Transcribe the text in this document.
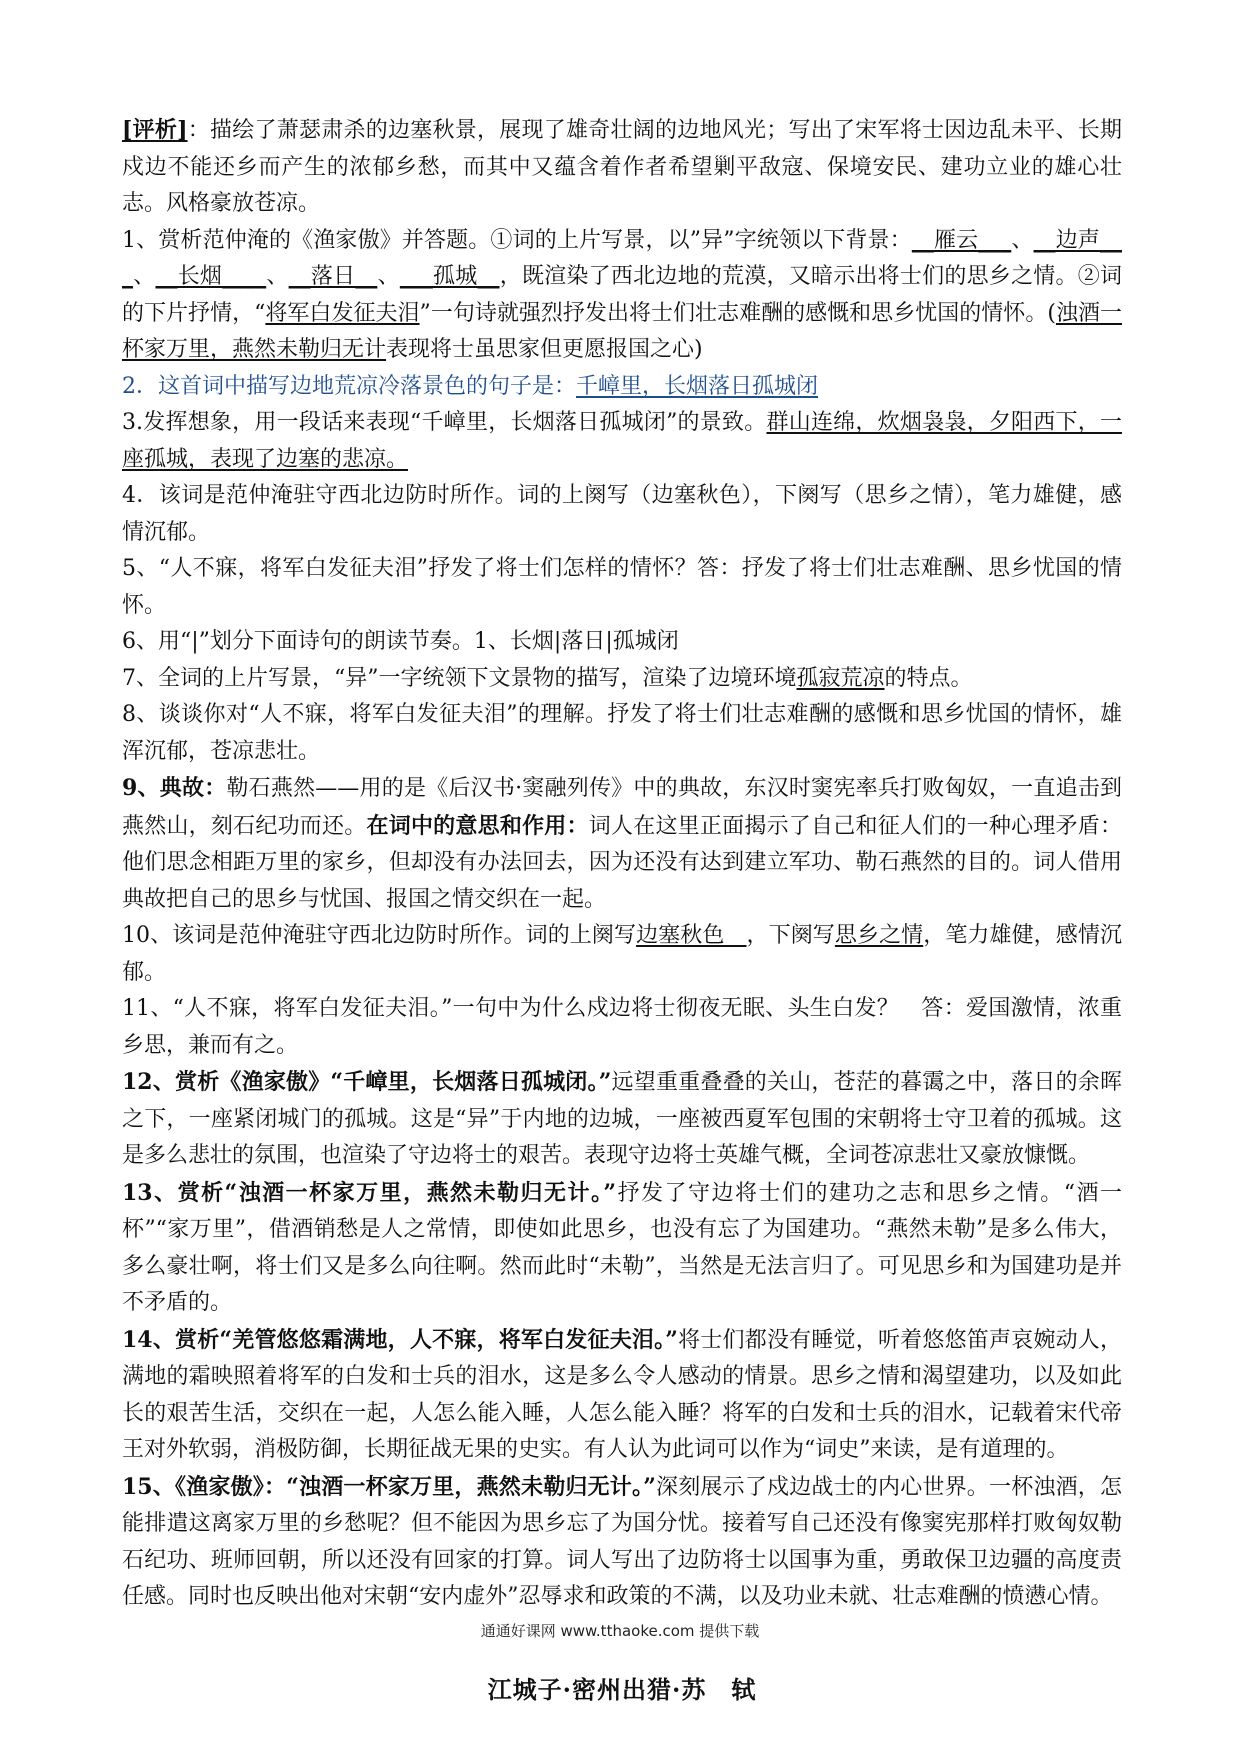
[评析]：描绘了萧瑟肃杀的边塞秋景，展现了雄奇壮阔的边地风光；写出了宋军将士因边乱未平、长期戍边不能还乡而产生的浓郁乡愁，而其中又蕴含着作者希望剿平敌寇、保境安民、建功立业的雄心壮志。风格豪放苍凉。

1、赏析范仲淹的《渔家傲》并答题。①词的上片写景，以”异”字统领以下背景：__雁云___、__边声___、__长烟____、__落日__、___孤城__，既渲染了西北边地的荒漠，又暗示出将士们的思乡之情。②词的下片抒情，“将军白发征夫泪”一句诗就强烈抒发出将士们壮志难酬的感慨和思乡忧国的情怀。(浊酒一杯家万里，燕然未勒归无计表现将士虽思家但更愿报国之心)

2．这首词中描写边地荒凉冷落景色的句子是：千嶂里，长烟落日孤城闭

3.发挥想象，用一段话来表现“千嶂里，长烟落日孤城闭”的景致。群山连绵，炊烟袅袅，夕阳西下，一座孤城，表现了边塞的悲凉。

4．该词是范仲淹驻守西北边防时所作。词的上阕写（边塞秋色），下阕写（思乡之情），笔力雄健，感情沉郁。

5、“人不寐，将军白发征夫泪”抒发了将士们怎样的情怀？答：抒发了将士们壮志难酬、思乡忧国的情怀。

6、用“|”划分下面诗句的朗读节奏。1、长烟|落日|孤城闭

7、全词的上片写景，“异”一字统领下文景物的描写，渲染了边境环境孤寂荒凉的特点。

8、谈谈你对“人不寐，将军白发征夫泪”的理解。抒发了将士们壮志难酬的感慨和思乡忧国的情怀，雄浑沉郁，苍凉悲壮。

9、典故：勒石燕然——用的是《后汉书·窦融列传》中的典故，东汉时窦宪率兵打败匈奴，一直追击到燕然山，刻石纪功而还。在词中的意思和作用：词人在这里正面揭示了自己和征人们的一种心理矛盾：他们思念相距万里的家乡，但却没有办法回去，因为还没有达到建立军功、勒石燕然的目的。词人借用典故把自己的思乡与忧国、报国之情交织在一起。

10、该词是范仲淹驻守西北边防时所作。词的上阕写边塞秋色　，下阕写思乡之情，笔力雄健，感情沉郁。

11、“人不寐，将军白发征夫泪。”一句中为什么戍边将士彻夜无眠、头生白发？　答：爱国激情，浓重乡思，兼而有之。

12、赏析《渔家傲》“千嶂里，长烟落日孤城闭。”远望重重叠叠的关山，苍茫的暮霭之中，落日的余晖之下，一座紧闭城门的孤城。这是“异”于内地的边城，一座被西夏军包围的宋朝将士守卫着的孤城。这是多么悲壮的氛围，也渲染了守边将士的艰苦。表现守边将士英雄气概，全词苍凉悲壮又豪放慷慨。

13、赏析“浊酒一杯家万里，燕然未勒归无计。”抒发了守边将士们的建功之志和思乡之情。“酒一杯”“家万里”，借酒销愁是人之常情，即使如此思乡，也没有忘了为国建功。“燕然未勒”是多么伟大，多么豪壮啊，将士们又是多么向往啊。然而此时“未勒”，当然是无法言归了。可见思乡和为国建功是并不矛盾的。

14、赏析“羌管悠悠霜满地，人不寐，将军白发征夫泪。”将士们都没有睡觉，听着悠悠笛声哀婉动人，满地的霜映照着将军的白发和士兵的泪水，这是多么令人感动的情景。思乡之情和渴望建功，以及如此长的艰苦生活，交织在一起，人怎么能入睡，人怎么能入睡？将军的白发和士兵的泪水，记载着宋代帝王对外软弱，消极防御，长期征战无果的史实。有人认为此词可以作为“词史”来读，是有道理的。

15、《渔家傲》：“浊酒一杯家万里，燕然未勒归无计。”深刻展示了戍边战士的内心世界。一杯浊酒，怎能排遣这离家万里的乡愁呢？但不能因为思乡忘了为国分忧。接着写自己还没有像窦宪那样打败匈奴勒石纪功、班师回朝，所以还没有回家的打算。词人写出了边防将士以国事为重，勇敢保卫边疆的高度责任感。同时也反映出他对宋朝“安内虚外”忍辱求和政策的不满，以及功业未就、壮志难酬的愤懑心情。

江城子·密州出猎·苏　轼
通通好课网 www.tthaoke.com 提供下载
